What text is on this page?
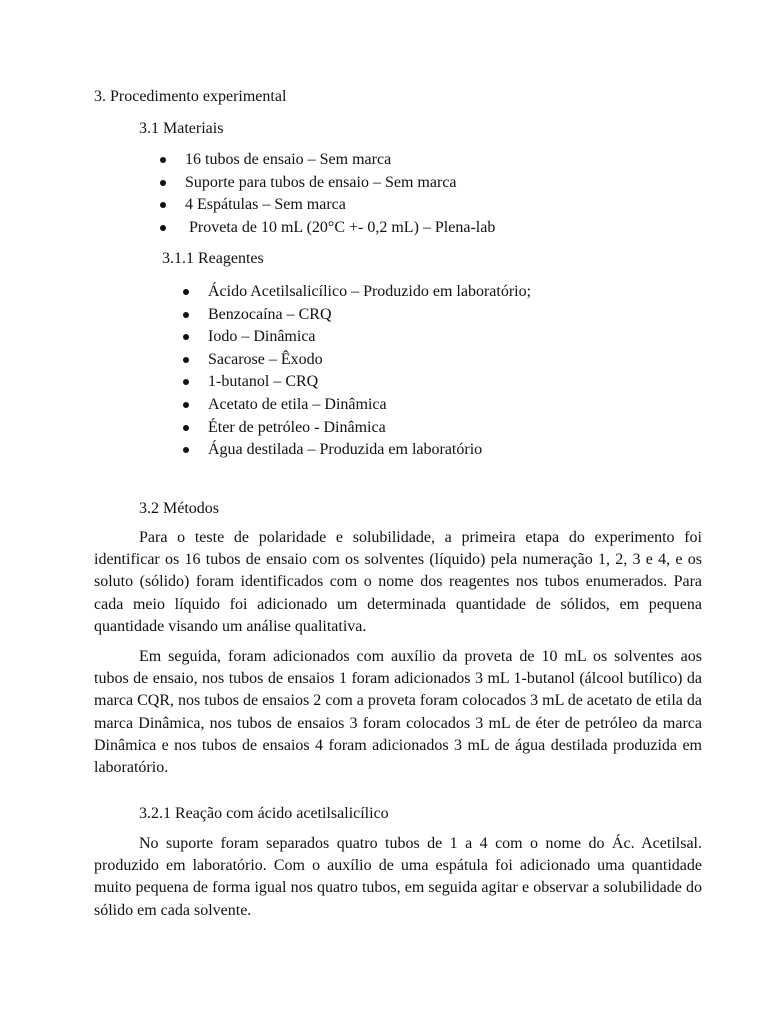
3. Procedimento experimental
3.1 Materiais
16 tubos de ensaio – Sem marca
Suporte para tubos de ensaio – Sem marca
4 Espátulas – Sem marca
Proveta de 10 mL (20°C +- 0,2 mL) – Plena-lab
3.1.1 Reagentes
Ácido Acetilsalicílico – Produzido em laboratório;
Benzocaína – CRQ
Iodo – Dinâmica
Sacarose – Êxodo
1-butanol – CRQ
Acetato de etila – Dinâmica
Éter de petróleo - Dinâmica
Água destilada – Produzida em laboratório
3.2 Métodos

Para o teste de polaridade e solubilidade, a primeira etapa do experimento foi identificar os 16 tubos de ensaio com os solventes (líquido) pela numeração 1, 2, 3 e 4, e os soluto (sólido) foram identificados com o nome dos reagentes nos tubos enumerados. Para cada meio líquido foi adicionado um determinada quantidade de sólidos, em pequena quantidade visando um análise qualitativa.

Em seguida, foram adicionados com auxílio da proveta de 10 mL os solventes aos tubos de ensaio, nos tubos de ensaios 1 foram adicionados 3 mL 1-butanol (álcool butílico) da marca CQR, nos tubos de ensaios 2 com a proveta foram colocados 3 mL de acetato de etila da marca Dinâmica, nos tubos de ensaios 3 foram colocados 3 mL de éter de petróleo da marca Dinâmica e nos tubos de ensaios 4 foram adicionados 3 mL de água destilada produzida em laboratório.

3.2.1 Reação com ácido acetilsalicílico

No suporte foram separados quatro tubos de 1 a 4 com o nome do Ác. Acetilsal. produzido em laboratório. Com o auxílio de uma espátula foi adicionado uma quantidade muito pequena de forma igual nos quatro tubos, em seguida agitar e observar a solubilidade do sólido em cada solvente.
